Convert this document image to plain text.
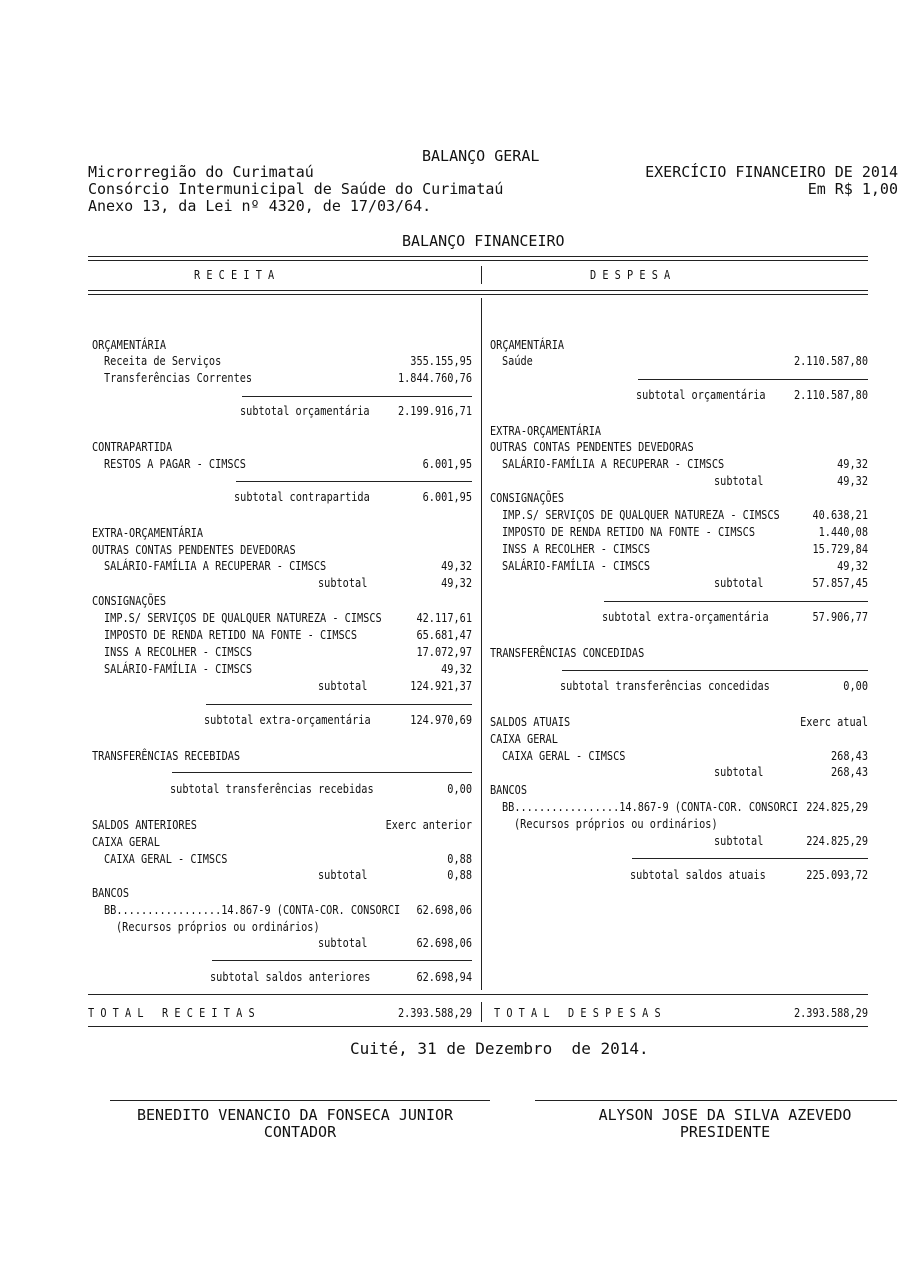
BALANÇO GERAL
Microrregião do Curimataú	EXERCÍCIO FINANCEIRO DE 2014
Consórcio Intermunicipal de Saúde do Curimataú	Em R$ 1,00
Anexo 13, da Lei nº 4320, de 17/03/64.
BALANÇO FINANCEIRO
R E C E I T A	D E S P E S A
ORÇAMENTÁRIA
Receita de Serviços	355.155,95
Transferências Correntes	1.844.760,76
subtotal orçamentária 2.199.916,71
CONTRAPARTIDA
RESTOS A PAGAR - CIMSCS	6.001,95
subtotal contrapartida	6.001,95
EXTRA-ORÇAMENTÁRIA
OUTRAS CONTAS PENDENTES DEVEDORAS
SALÁRIO-FAMÍLIA A RECUPERAR - CIMSCS	49,32
subtotal	49,32
CONSIGNAÇÕES
IMP.S/ SERVIÇOS DE QUALQUER NATUREZA - CIMSCS	42.117,61
IMPOSTO DE RENDA RETIDO NA FONTE - CIMSCS	65.681,47
INSS A RECOLHER - CIMSCS	17.072,97
SALÁRIO-FAMÍLIA - CIMSCS	49,32
subtotal	124.921,37
subtotal extra-orçamentária	124.970,69
TRANSFERÊNCIAS RECEBIDAS
subtotal transferências recebidas	0,00
SALDOS ANTERIORES	Exerc anterior
CAIXA GERAL
CAIXA GERAL - CIMSCS	0,88
subtotal	0,88
BANCOS
BB.................14.867-9 (CONTA-COR. CONSORCI	62.698,06
(Recursos próprios ou ordinários)
subtotal	62.698,06
subtotal saldos anteriores	62.698,94
ORÇAMENTÁRIA
Saúde	2.110.587,80
subtotal orçamentária	2.110.587,80
EXTRA-ORÇAMENTÁRIA
OUTRAS CONTAS PENDENTES DEVEDORAS
SALÁRIO-FAMÍLIA A RECUPERAR - CIMSCS	49,32
subtotal	49,32
CONSIGNAÇÕES
IMP.S/ SERVIÇOS DE QUALQUER NATUREZA - CIMSCS	40.638,21
IMPOSTO DE RENDA RETIDO NA FONTE - CIMSCS	1.440,08
INSS A RECOLHER - CIMSCS	15.729,84
SALÁRIO-FAMÍLIA - CIMSCS	49,32
subtotal	57.857,45
subtotal extra-orçamentária	57.906,77
TRANSFERÊNCIAS CONCEDIDAS
subtotal transferências concedidas	0,00
SALDOS ATUAIS	Exerc atual
CAIXA GERAL
CAIXA GERAL - CIMSCS	268,43
subtotal	268,43
BANCOS
BB.................14.867-9 (CONTA-COR. CONSORCI 224.825,29
(Recursos próprios ou ordinários)
subtotal	224.825,29
subtotal saldos atuais	225.093,72
T O T A L   R E C E I T A S	2.393.588,29 T O T A L   D E S P E S A S	2.393.588,29
Cuité, 31 de Dezembro  de 2014.
BENEDITO VENANCIO DA FONSECA JUNIOR
CONTADOR
ALYSON JOSE DA SILVA AZEVEDO
PRESIDENTE
